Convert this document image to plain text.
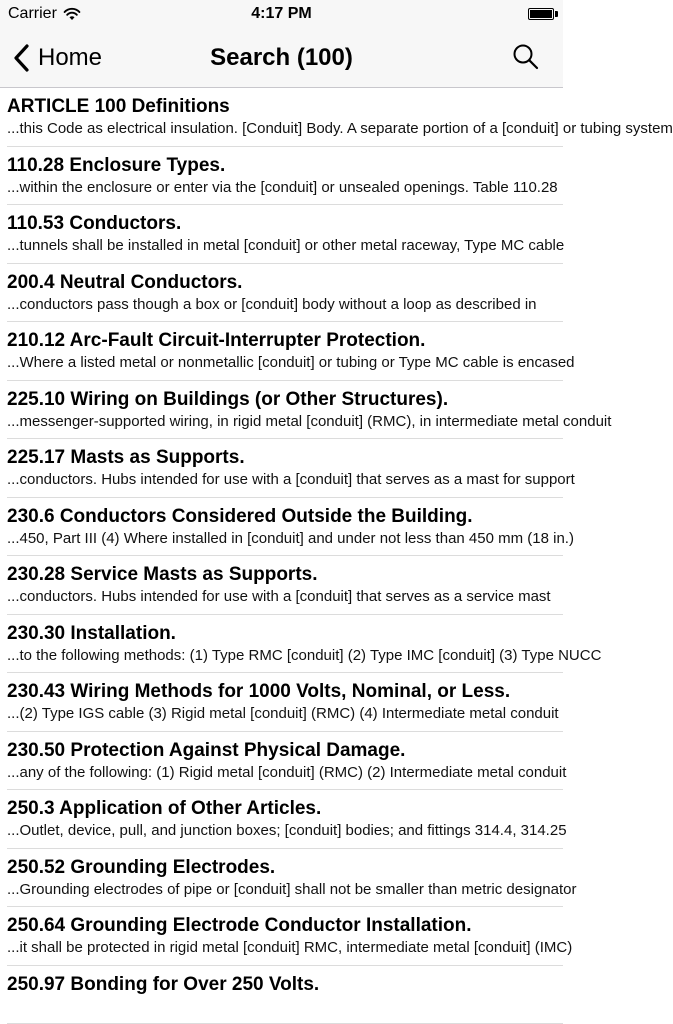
Carrier	4:17 PM
Home	Search (100)
ARTICLE 100 Definitions
...this Code as electrical insulation. [Conduit] Body. A separate portion of a [conduit] or tubing system
110.28 Enclosure Types.
...within the enclosure or enter via the [conduit] or unsealed openings. Table 110.28
110.53 Conductors.
...tunnels shall be installed in metal [conduit] or other metal raceway, Type MC cable
200.4 Neutral Conductors.
...conductors pass though a box or [conduit] body without a loop as described in
210.12 Arc-Fault Circuit-Interrupter Protection.
...Where a listed metal or nonmetallic [conduit] or tubing or Type MC cable is encased
225.10 Wiring on Buildings (or Other Structures).
...messenger-supported wiring, in rigid metal [conduit] (RMC), in intermediate metal conduit
225.17 Masts as Supports.
...conductors. Hubs intended for use with a [conduit] that serves as a mast for support
230.6 Conductors Considered Outside the Building.
...450, Part III (4) Where installed in [conduit] and under not less than 450 mm (18 in.)
230.28 Service Masts as Supports.
...conductors. Hubs intended for use with a [conduit] that serves as a service mast
230.30 Installation.
...to the following methods: (1) Type RMC [conduit] (2) Type IMC [conduit] (3) Type NUCC
230.43 Wiring Methods for 1000 Volts, Nominal, or Less.
...(2) Type IGS cable (3) Rigid metal [conduit] (RMC) (4) Intermediate metal conduit
230.50 Protection Against Physical Damage.
...any of the following: (1) Rigid metal [conduit] (RMC) (2) Intermediate metal conduit
250.3 Application of Other Articles.
...Outlet, device, pull, and junction boxes; [conduit] bodies; and fittings 314.4, 314.25
250.52 Grounding Electrodes.
...Grounding electrodes of pipe or [conduit] shall not be smaller than metric designator
250.64 Grounding Electrode Conductor Installation.
...it shall be protected in rigid metal [conduit] RMC, intermediate metal [conduit] (IMC)
250.97 Bonding for Over 250 Volts.
